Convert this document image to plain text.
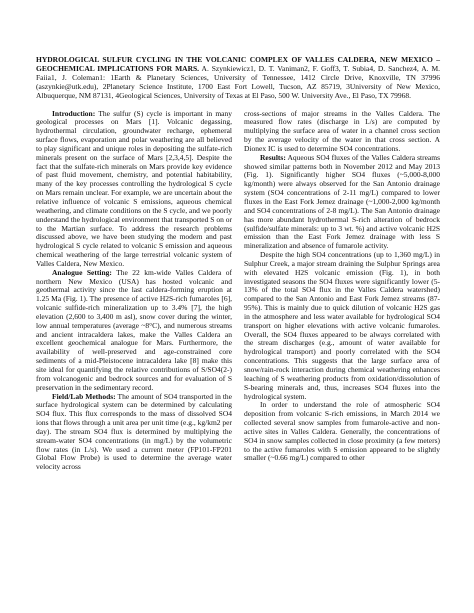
HYDROLOGICAL SULFUR CYCLING IN THE VOLCANIC COMPLEX OF VALLES CALDERA, NEW MEXICO – GEOCHEMICAL IMPLICATIONS FOR MARS. A. Szynkiewicz1, D. T. Vaniman2, F. Goff3, T. Subia4, D. Sanchez4, A. M. Faiia1, J. Coleman1: 1Earth & Planetary Sciences, University of Tennessee, 1412 Circle Drive, Knoxville, TN 37996 (aszynkie@utk.edu), 2Planetary Science Institute, 1700 East Fort Lowell, Tucson, AZ 85719, 3University of New Mexico, Albuquerque, NM 87131, 4Geological Sciences, University of Texas at El Paso, 500 W. University Ave., El Paso, TX 79968.

Introduction: The sulfur (S) cycle is important in many geological processes on Mars [1]. Volcanic degassing, hydrothermal circulation, groundwater recharge, ephemeral surface flows, evaporation and polar weathering are all believed to play significant and unique roles in depositing the sulfate-rich minerals present on the surface of Mars [2,3,4,5]. Despite the fact that the sulfate-rich minerals on Mars provide key evidence of past fluid movement, chemistry, and potential habitability, many of the key processes controlling the hydrological S cycle on Mars remain unclear. For example, we are uncertain about the relative influence of volcanic S emissions, aqueous chemical weathering, and climate conditions on the S cycle, and we poorly understand the hydrological environment that transported S on or to the Martian surface. To address the research problems discussed above, we have been studying the modern and past hydrological S cycle related to volcanic S emission and aqueous chemical weathering of the large terrestrial volcanic system of Valles Caldera, New Mexico.

Analogue Setting: The 22 km-wide Valles Caldera of northern New Mexico (USA) has hosted volcanic and geothermal activity since the last caldera-forming eruption at 1.25 Ma (Fig. 1). The presence of active H2S-rich fumaroles [6], volcanic sulfide-rich mineralization up to 3.4% [7], the high elevation (2,600 to 3,400 m asl), snow cover during the winter, low annual temperatures (average ~8°C), and numerous streams and ancient intracaldera lakes, make the Valles Caldera an excellent geochemical analogue for Mars. Furthermore, the availability of well-preserved and age-constrained core sediments of a mid-Pleistocene intracaldera lake [8] make this site ideal for quantifying the relative contributions of S/SO4(2-) from volcanogenic and bedrock sources and for evaluation of S preservation in the sedimentary record.

Field/Lab Methods: The amount of SO4 transported in the surface hydrological system can be determined by calculating SO4 flux. This flux corresponds to the mass of dissolved SO4 ions that flows through a unit area per unit time (e.g., kg/km2 per day). The stream SO4 flux is determined by multiplying the stream-water SO4 concentrations (in mg/L) by the volumetric flow rates (in L/s). We used a current meter (FP101-FP201 Global Flow Probe) is used to determine the average water velocity across

cross-sections of major streams in the Valles Caldera. The measured flow rates (discharge in L/s) are computed by multiplying the surface area of water in a channel cross section by the average velocity of the water in that cross section. A Dionex IC is used to determine SO4 concentrations.

Results: Aqueous SO4 fluxes of the Valles Caldera streams showed similar patterns both in November 2012 and May 2013 (Fig. 1). Significantly higher SO4 fluxes (~5,000-8,000 kg/month) were always observed for the San Antonio drainage system (SO4 concentrations of 2-11 mg/L) compared to lower fluxes in the East Fork Jemez drainage (~1,000-2,000 kg/month and SO4 concentrations of 2-8 mg/L). The San Antonio drainage has more abundant hydrothermal S-rich alteration of bedrock (sulfide/sulfate minerals: up to 3 wt. %) and active volcanic H2S emission than the East Fork Jemez drainage with less S mineralization and absence of fumarole activity.

Despite the high SO4 concentrations (up to 1,360 mg/L) in Sulphur Creek, a major stream draining the Sulphur Springs area with elevated H2S volcanic emission (Fig. 1), in both investigated seasons the SO4 fluxes were significantly lower (5-13% of the total SO4 flux in the Valles Caldera watershed) compared to the San Antonio and East Fork Jemez streams (87-95%). This is mainly due to quick dilution of volcanic H2S gas in the atmosphere and less water available for hydrological SO4 transport on higher elevations with active volcanic fumaroles. Overall, the SO4 fluxes appeared to be always correlated with the stream discharges (e.g., amount of water available for hydrological transport) and poorly correlated with the SO4 concentrations. This suggests that the large surface area of snow/rain-rock interaction during chemical weathering enhances leaching of S weathering products from oxidation/dissolution of S-bearing minerals and, thus, increases SO4 fluxes into the hydrological system.

In order to understand the role of atmospheric SO4 deposition from volcanic S-rich emissions, in March 2014 we collected several snow samples from fumarole-active and non-active sites in Valles Caldera. Generally, the concentrations of SO4 in snow samples collected in close proximity (a few meters) to the active fumaroles with S emission appeared to be slightly smaller (~0.66 mg/L) compared to other
